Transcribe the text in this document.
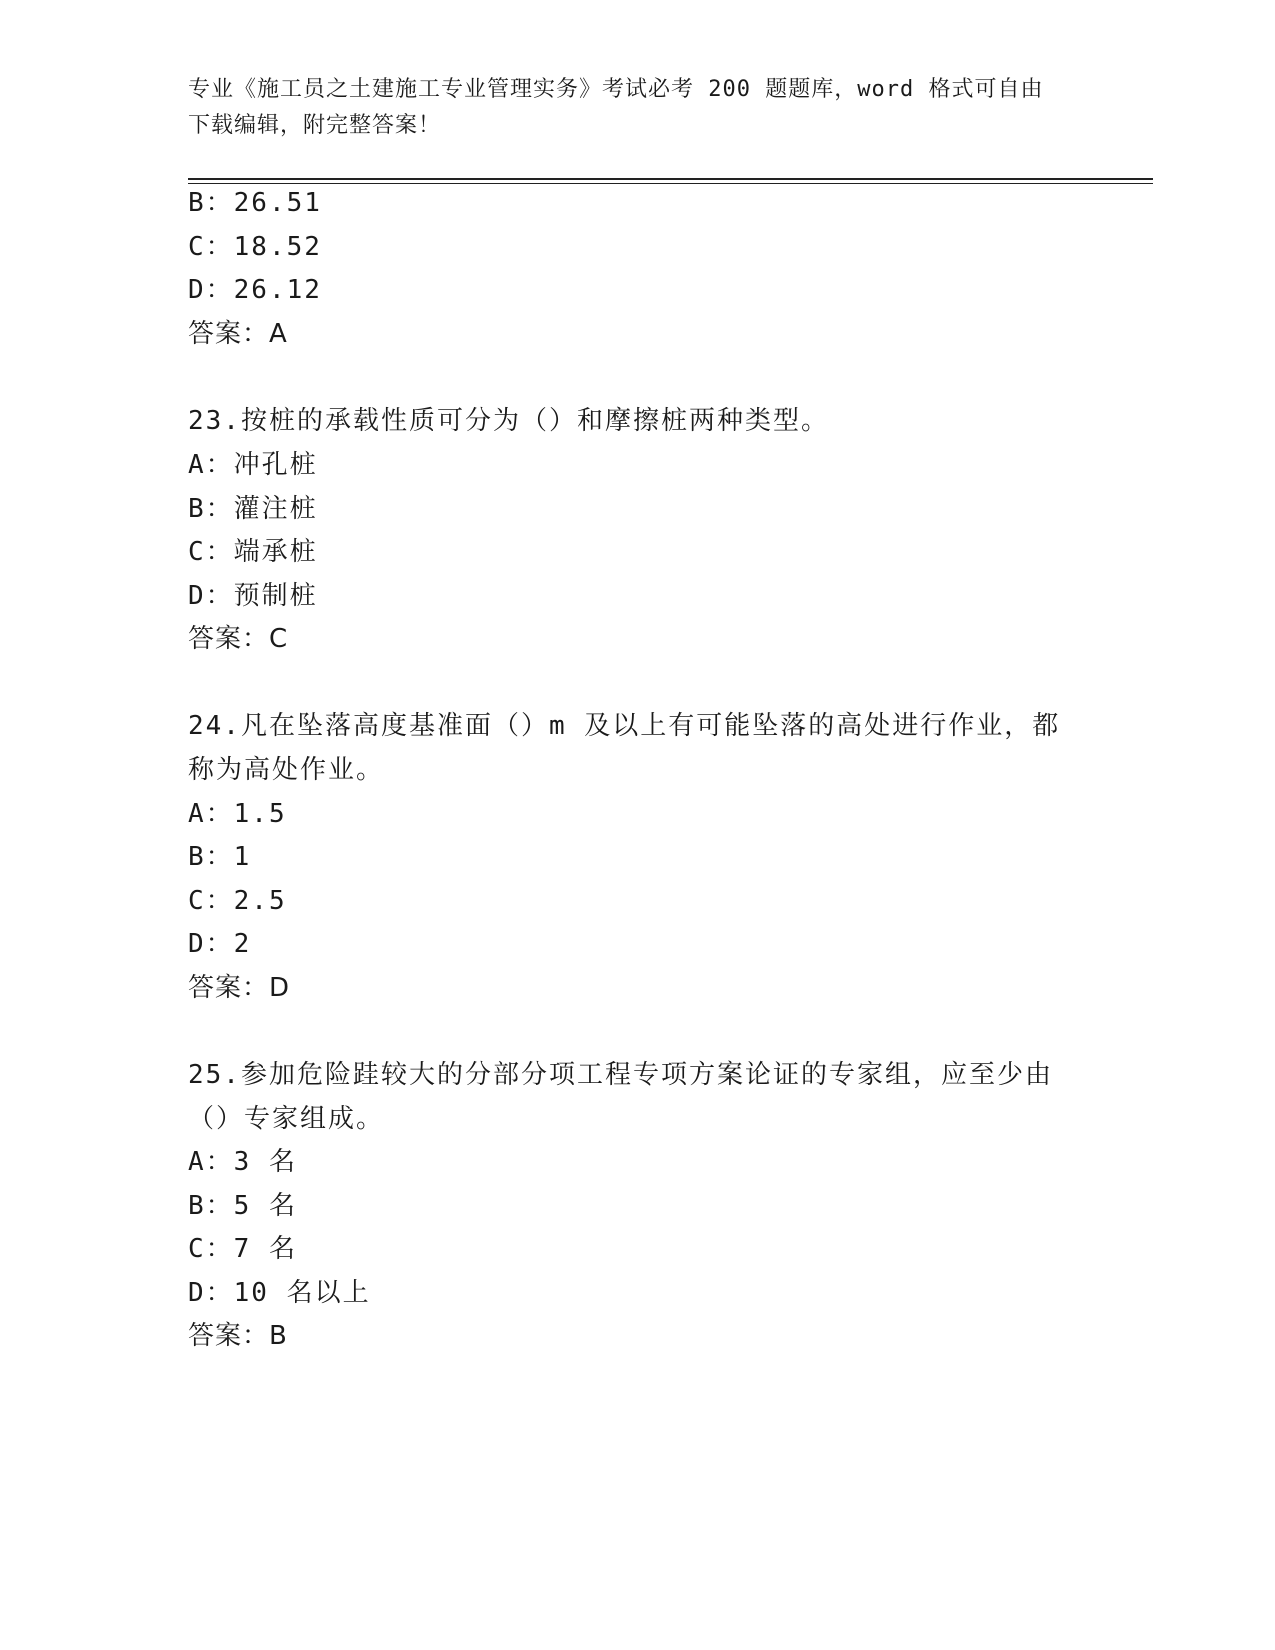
专业《施工员之土建施工专业管理实务》考试必考 200 题题库，word 格式可自由
下载编辑，附完整答案！
B：26.51
C：18.52
D：26.12
答案：A
23.按桩的承载性质可分为（）和摩擦桩两种类型。
A：冲孔桩
B：灌注桩
C：端承桩
D：预制桩
答案：C
24.凡在坠落高度基准面（）m 及以上有可能坠落的高处进行作业，都
称为高处作业。
A：1.5
B：1
C：2.5
D：2
答案：D
25.参加危险跬较大的分部分项工程专项方案论证的专家组，应至少由
（）专家组成。
A：3 名
B：5 名
C：7 名
D：10 名以上
答案：B
